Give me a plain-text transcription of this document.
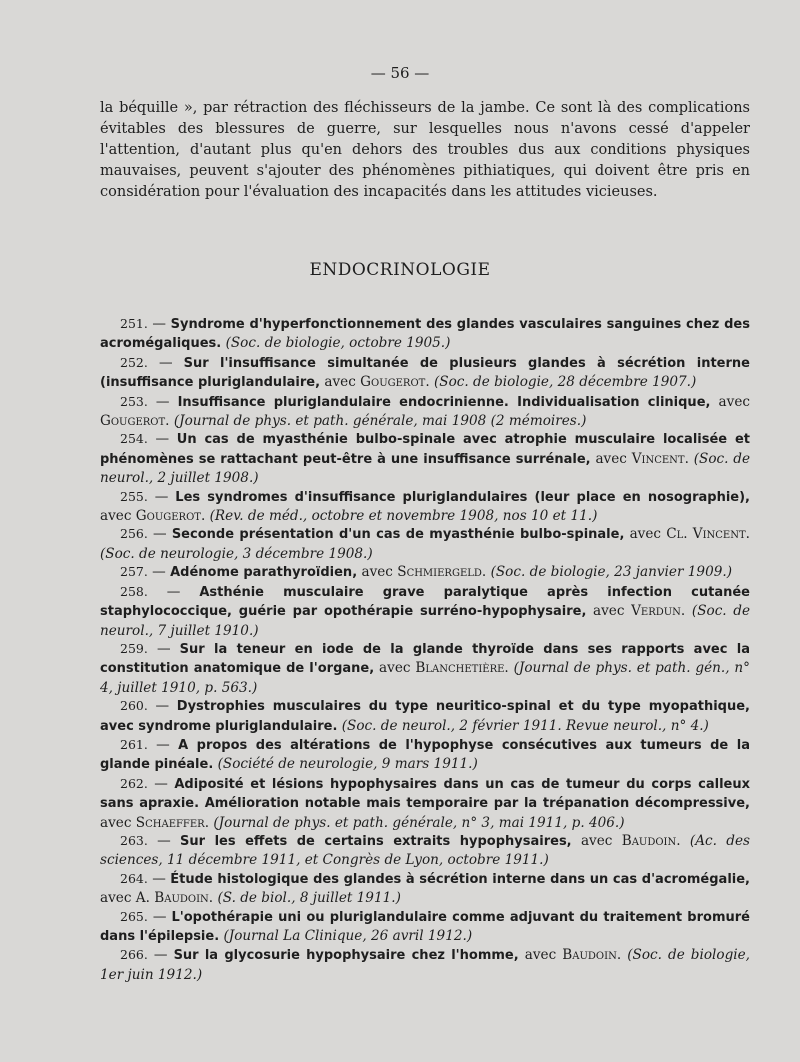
— 56 —

la béquille », par rétraction des fléchisseurs de la jambe. Ce sont là des complications évitables des blessures de guerre, sur lesquelles nous n'avons cessé d'appeler l'attention, d'autant plus qu'en dehors des troubles dus aux conditions physiques mauvaises, peuvent s'ajouter des phénomènes pithiatiques, qui doivent être pris en considération pour l'évaluation des incapacités dans les attitudes vicieuses.

ENDOCRINOLOGIE

251. — Syndrome d'hyperfonctionnement des glandes vasculaires sanguines chez des acromégaliques. (Soc. de biologie, octobre 1905.)

252. — Sur l'insuffisance simultanée de plusieurs glandes à sécrétion interne (insuffisance pluriglandulaire, avec Gougerot. (Soc. de biologie, 28 décembre 1907.)

253. — Insuffisance pluriglandulaire endocrinienne. Individualisation clinique, avec Gougerot. (Journal de phys. et path. générale, mai 1908 (2 mémoires.)

254. — Un cas de myasthénie bulbo-spinale avec atrophie musculaire localisée et phénomènes se rattachant peut-être à une insuffisance surrénale, avec Vincent. (Soc. de neurol., 2 juillet 1908.)

255. — Les syndromes d'insuffisance pluriglandulaires (leur place en nosographie), avec Gougerot. (Rev. de méd., octobre et novembre 1908, nos 10 et 11.)

256. — Seconde présentation d'un cas de myasthénie bulbo-spinale, avec Cl. Vincent. (Soc. de neurologie, 3 décembre 1908.)

257. — Adénome parathyroïdien, avec Schmiergeld. (Soc. de biologie, 23 janvier 1909.)

258. — Asthénie musculaire grave paralytique après infection cutanée staphylococcique, guérie par opothérapie surréno-hypophysaire, avec Verdun. (Soc. de neurol., 7 juillet 1910.)

259. — Sur la teneur en iode de la glande thyroïde dans ses rapports avec la constitution anatomique de l'organe, avec Blanchetière. (Journal de phys. et path. gén., n° 4, juillet 1910, p. 563.)

260. — Dystrophies musculaires du type neuritico-spinal et du type myopathique, avec syndrome pluriglandulaire. (Soc. de neurol., 2 février 1911. Revue neurol., n° 4.)

261. — A propos des altérations de l'hypophyse consécutives aux tumeurs de la glande pinéale. (Société de neurologie, 9 mars 1911.)

262. — Adiposité et lésions hypophysaires dans un cas de tumeur du corps calleux sans apraxie. Amélioration notable mais temporaire par la trépanation décompressive, avec Schaeffer. (Journal de phys. et path. générale, n° 3, mai 1911, p. 406.)

263. — Sur les effets de certains extraits hypophysaires, avec Baudoin. (Ac. des sciences, 11 décembre 1911, et Congrès de Lyon, octobre 1911.)

264. — Étude histologique des glandes à sécrétion interne dans un cas d'acromégalie, avec A. Baudoin. (S. de biol., 8 juillet 1911.)

265. — L'opothérapie uni ou pluriglandulaire comme adjuvant du traitement bromuré dans l'épilepsie. (Journal La Clinique, 26 avril 1912.)

266. — Sur la glycosurie hypophysaire chez l'homme, avec Baudoin. (Soc. de biologie, 1er juin 1912.)
